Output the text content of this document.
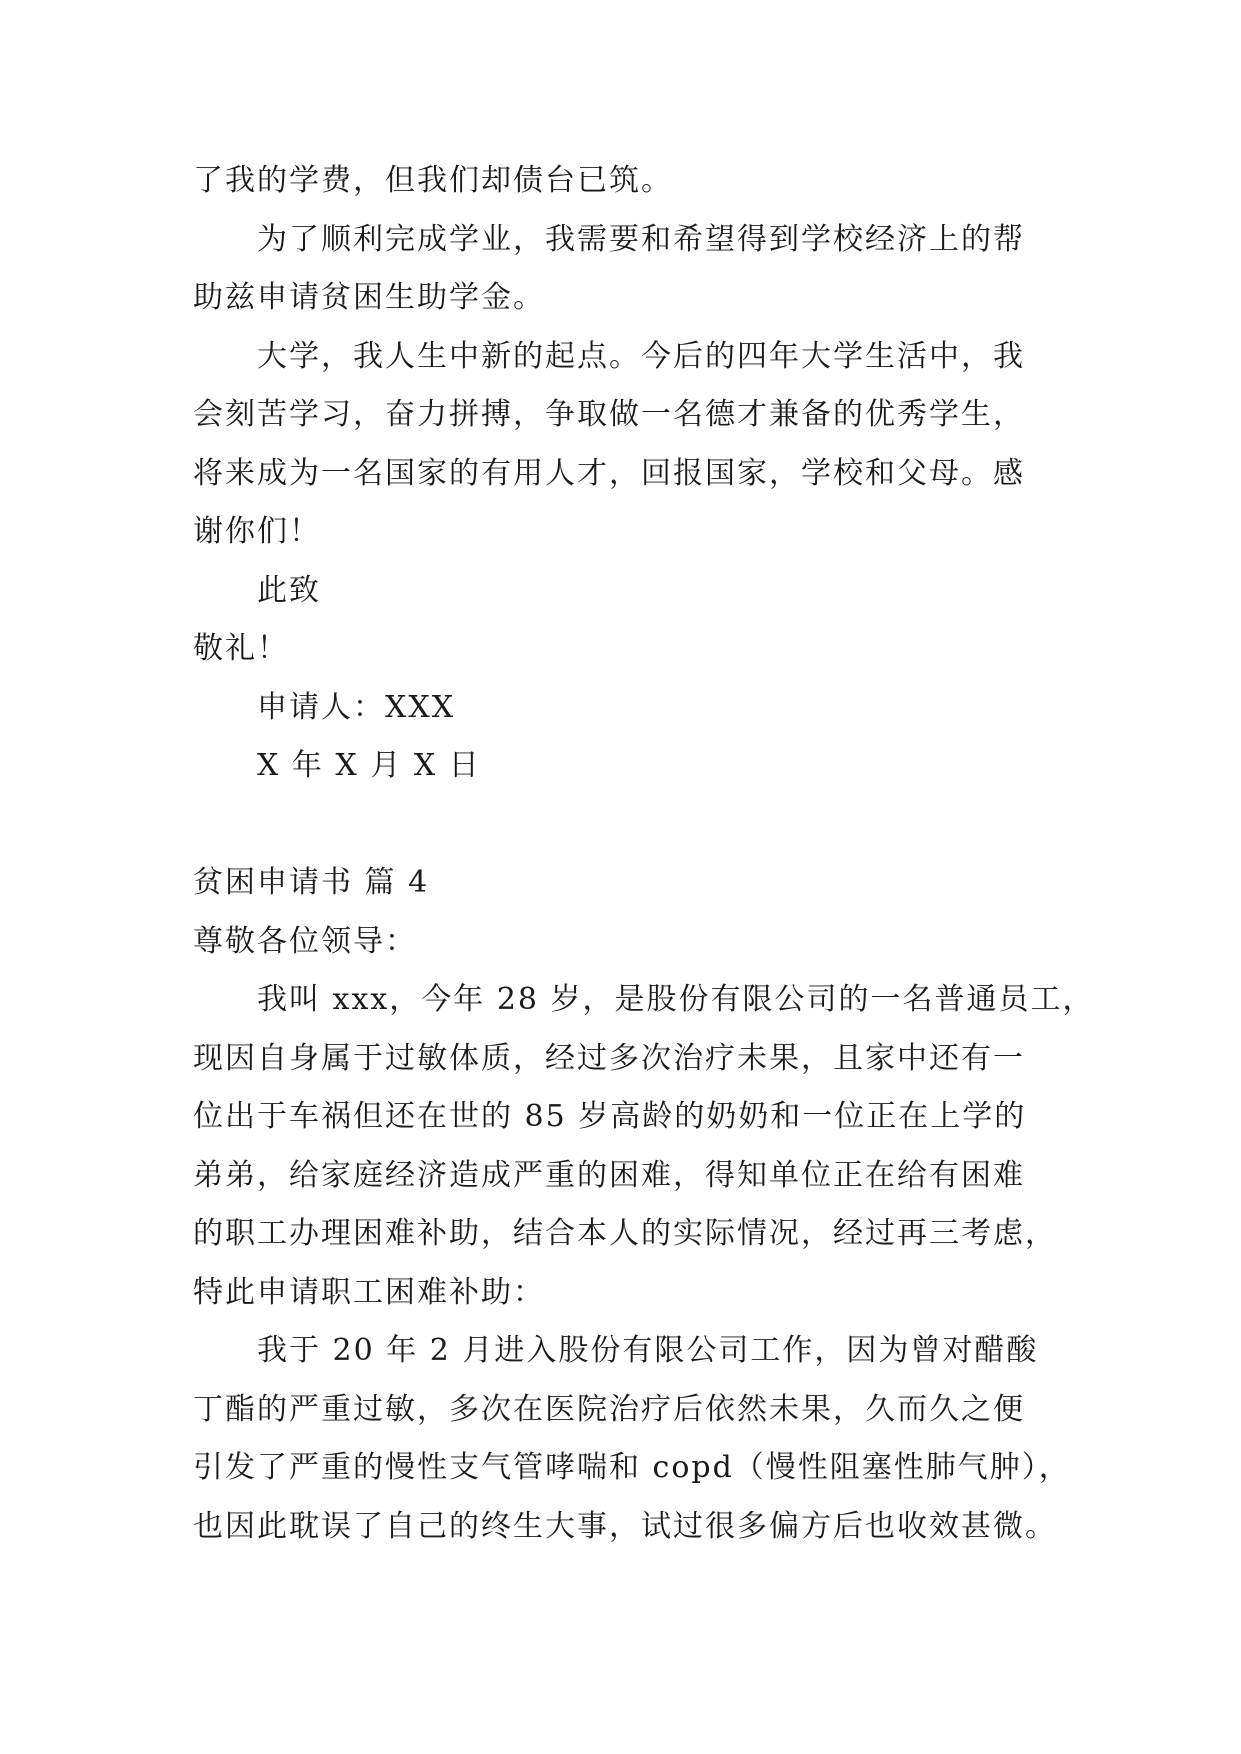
了我的学费，但我们却债台已筑。
为了顺利完成学业，我需要和希望得到学校经济上的帮
助兹申请贫困生助学金。
大学，我人生中新的起点。今后的四年大学生活中，我
会刻苦学习，奋力拼搏，争取做一名德才兼备的优秀学生，
将来成为一名国家的有用人才，回报国家，学校和父母。感
谢你们！
此致
敬礼！
申请人：XXX
X 年 X 月 X 日
贫困申请书 篇 4
尊敬各位领导：
我叫 xxx，今年 28 岁，是股份有限公司的一名普通员工，
现因自身属于过敏体质，经过多次治疗未果，且家中还有一
位出于车祸但还在世的 85 岁高龄的奶奶和一位正在上学的
弟弟，给家庭经济造成严重的困难，得知单位正在给有困难
的职工办理困难补助，结合本人的实际情况，经过再三考虑，
特此申请职工困难补助：
我于 20 年 2 月进入股份有限公司工作，因为曾对醋酸
丁酯的严重过敏，多次在医院治疗后依然未果，久而久之便
引发了严重的慢性支气管哮喘和 copd（慢性阻塞性肺气肿），
也因此耽误了自己的终生大事，试过很多偏方后也收效甚微。
